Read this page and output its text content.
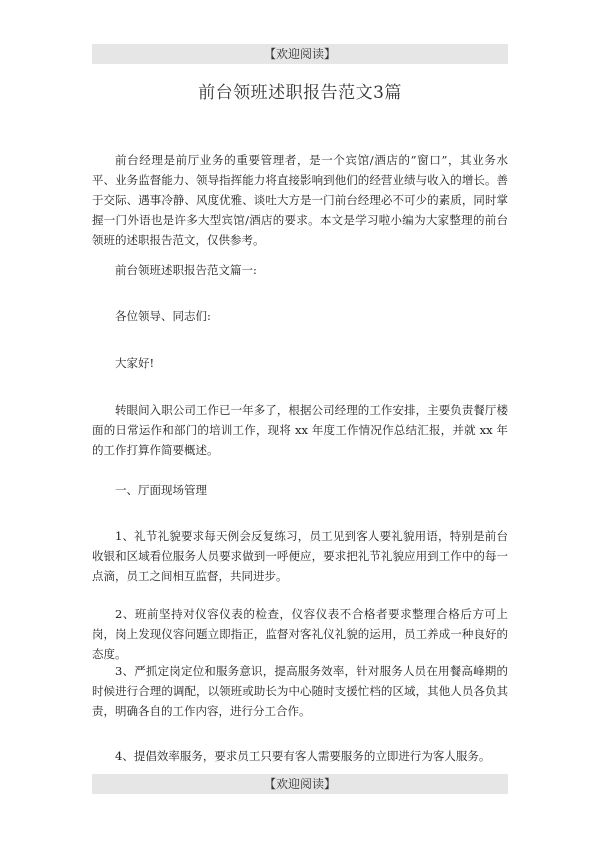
【欢迎阅读】
前台领班述职报告范文3篇

前台经理是前厅业务的重要管理者，是一个宾馆/酒店的”窗口”，其业务水平、业务监督能力、领导指挥能力将直接影响到他们的经营业绩与收入的增长。善于交际、遇事冷静、风度优雅、谈吐大方是一门前台经理必不可少的素质，同时掌握一门外语也是许多大型宾馆/酒店的要求。本文是学习啦小编为大家整理的前台领班的述职报告范文，仅供参考。

前台领班述职报告范文篇一:

各位领导、同志们:

大家好!

转眼间入职公司工作已一年多了，根据公司经理的工作安排，主要负责餐厅楼面的日常运作和部门的培训工作，现将 xx 年度工作情况作总结汇报，并就 xx 年的工作打算作简要概述。

一、厅面现场管理

1、礼节礼貌要求每天例会反复练习，员工见到客人要礼貌用语，特别是前台收银和区域看位服务人员要求做到一呼便应，要求把礼节礼貌应用到工作中的每一点滴，员工之间相互监督，共同进步。

2、班前坚持对仪容仪表的检查，仪容仪表不合格者要求整理合格后方可上岗，岗上发现仪容问题立即指正，监督对客礼仪礼貌的运用，员工养成一种良好的态度。

3、严抓定岗定位和服务意识，提高服务效率，针对服务人员在用餐高峰期的时候进行合理的调配，以领班或助长为中心随时支援忙档的区域，其他人员各负其责，明确各自的工作内容，进行分工合作。

4、提倡效率服务，要求员工只要有客人需要服务的立即进行为客人服务。

【欢迎阅读】
